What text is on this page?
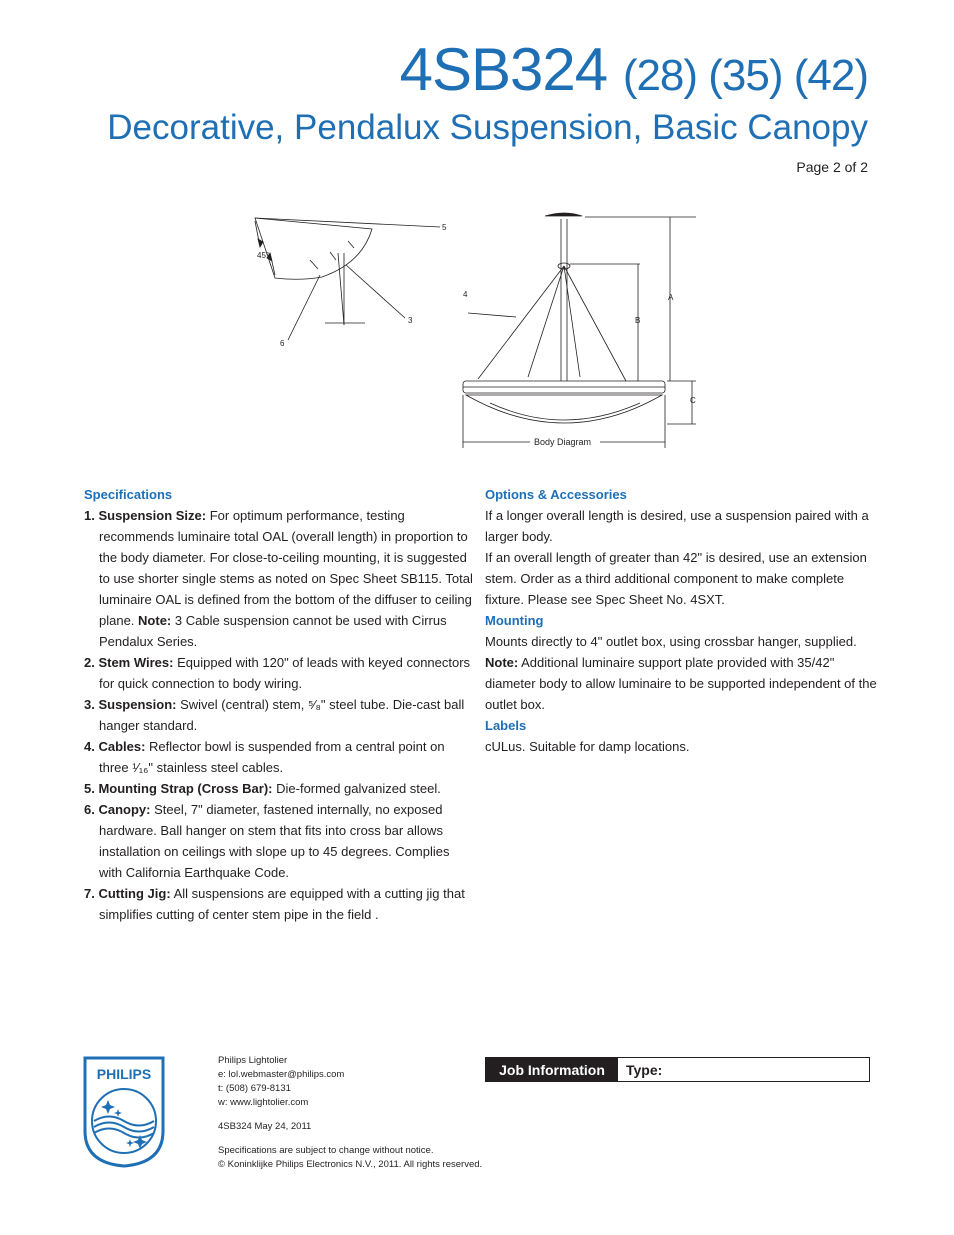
4SB324 (28) (35) (42)
Decorative, Pendalux Suspension, Basic Canopy
Page 2 of 2
5
3
6
45°
4	A
B
C
Body Diagram
Specifications
1. Suspension Size: For optimum performance, testing recommends luminaire total OAL (overall length) in proportion to the body diameter. For close-to-ceiling mounting, it is suggested to use shorter single stems as noted on Spec Sheet SB115. Total luminaire OAL is defined from the bottom of the diffuser to ceiling plane. Note: 3 Cable suspension cannot be used with Cirrus Pendalux Series.
2. Stem Wires: Equipped with 120" of leads with keyed connectors for quick connection to body wiring.
3. Suspension: Swivel (central) stem, ⁵⁄₈" steel tube. Die-cast ball hanger standard.
4. Cables: Reflector bowl is suspended from a central point on three ¹⁄₁₆" stainless steel cables.
5. Mounting Strap (Cross Bar): Die-formed galvanized steel.
6. Canopy: Steel, 7" diameter, fastened internally, no exposed hardware. Ball hanger on stem that fits into cross bar allows installation on ceilings with slope up to 45 degrees. Complies with California Earthquake Code.
7. Cutting Jig: All suspensions are equipped with a cutting jig that simplifies cutting of center stem pipe in the field .
Options & Accessories

If a longer overall length is desired, use a suspension paired with a larger body.

If an overall length of greater than 42" is desired, use an extension stem. Order as a third additional component to make complete fixture. Please see Spec Sheet No. 4SXT.

Mounting

Mounts directly to 4" outlet box, using crossbar hanger, supplied.

Note: Additional luminaire support plate provided with 35/42" diameter body to allow luminaire to be supported independent of the outlet box.

Labels

cULus. Suitable for damp locations.

PHILIPS

Philips Lightolier

e: lol.webmaster@philips.com

t: (508) 679-8131

w: www.lightolier.com

4SB324 May 24, 2011

Specifications are subject to change without notice.

© Koninklijke Philips Electronics N.V., 2011. All rights reserved.

Job Information	Type:
